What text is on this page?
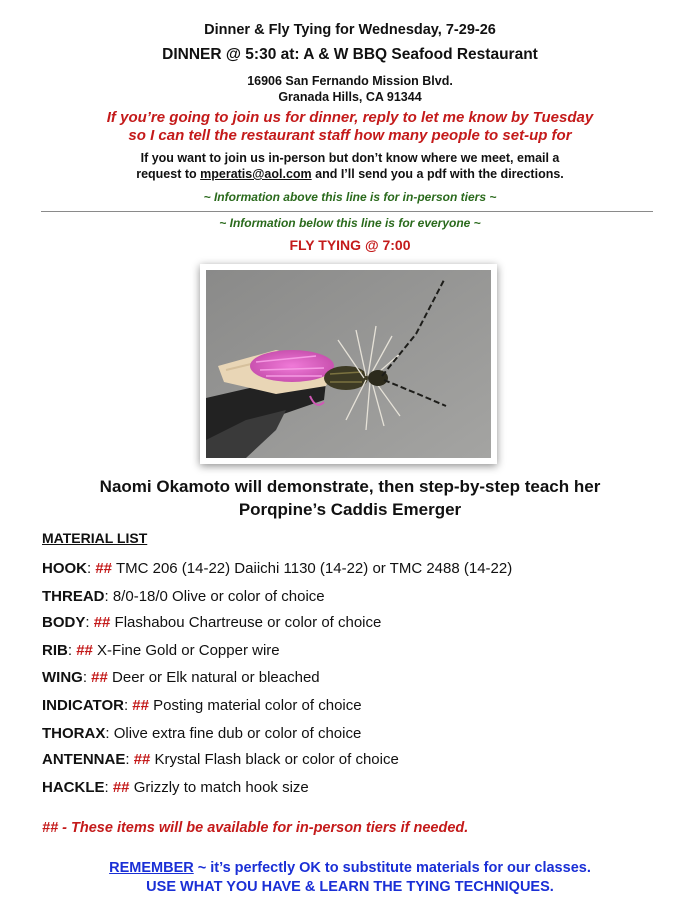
Dinner & Fly Tying for Wednesday, 7-29-26
DINNER @ 5:30 at: A & W BBQ Seafood Restaurant
16906 San Fernando Mission Blvd.
Granada Hills, CA 91344
If you’re going to join us for dinner, reply to let me know by Tuesday
so I can tell the restaurant staff how many people to set-up for
If you want to join us in-person but don’t know where we meet, email a
request to mperatis@aol.com and I’ll send you a pdf with the directions.
~ Information above this line is for in-person tiers ~
~ Information below this line is for everyone ~
FLY TYING @ 7:00
Naomi Okamoto will demonstrate, then step-by-step teach her
Porqpine’s Caddis Emerger
MATERIAL LIST
HOOK: ## TMC 206 (14-22) Daiichi 1130 (14-22) or TMC 2488 (14-22)
THREAD: 8/0-18/0 Olive or color of choice
BODY: ## Flashabou Chartreuse or color of choice
RIB: ## X-Fine Gold or Copper wire
WING: ## Deer or Elk natural or bleached
INDICATOR: ## Posting material color of choice
THORAX: Olive extra fine dub or color of choice
ANTENNAE: ## Krystal Flash black or color of choice
HACKLE: ## Grizzly to match hook size
## - These items will be available for in-person tiers if needed.
REMEMBER ~ it’s perfectly OK to substitute materials for our classes.
USE WHAT YOU HAVE & LEARN THE TYING TECHNIQUES.
